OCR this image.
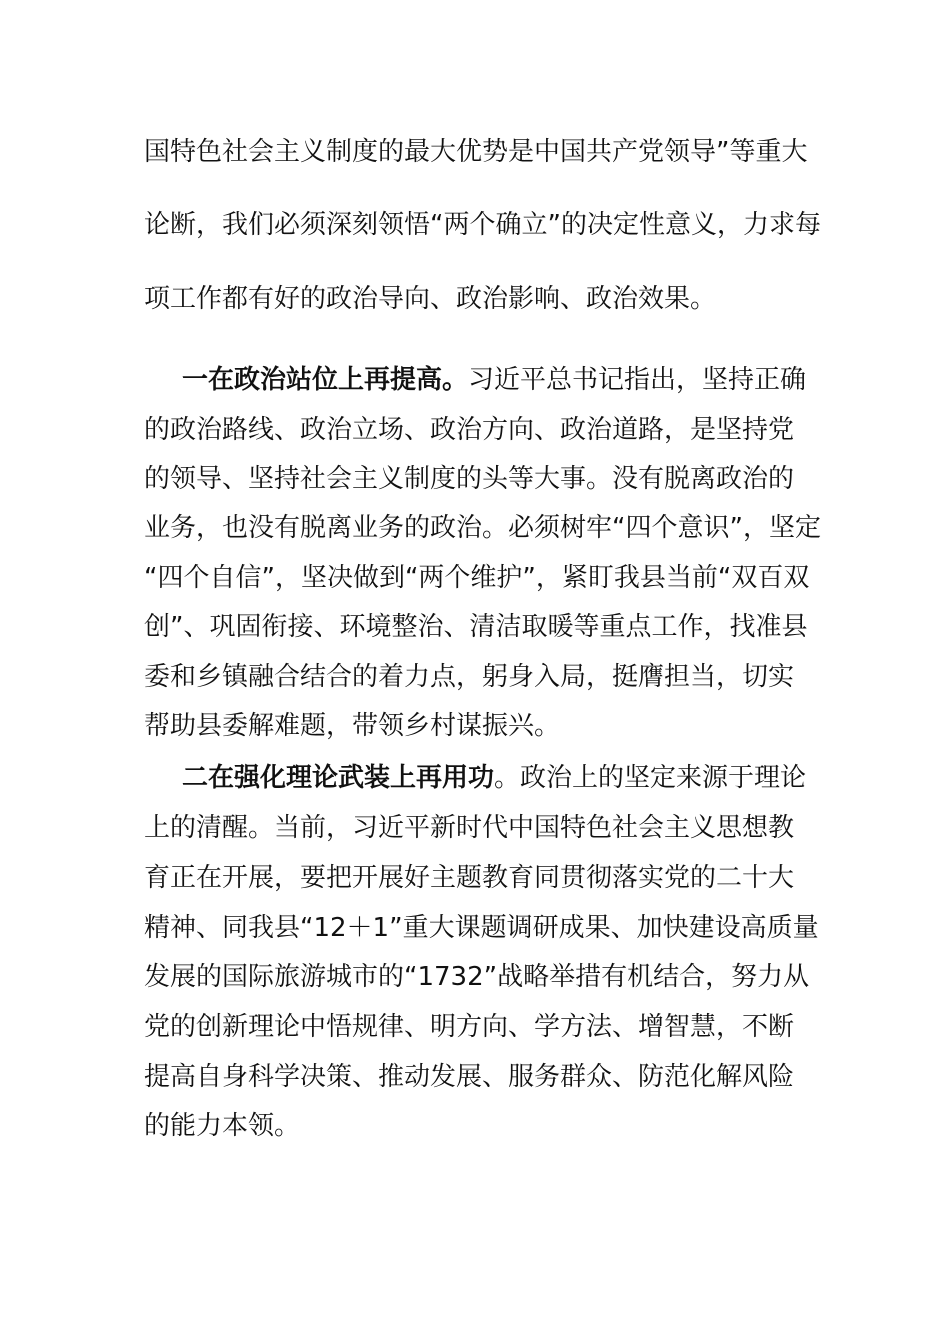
国特色社会主义制度的最大优势是中国共产党领导”等重大

论断，我们必须深刻领悟“两个确立”的决定性意义，力求每

项工作都有好的政治导向、政治影响、政治效果。

一在政治站位上再提高。习近平总书记指出，坚持正确

的政治路线、政治立场、政治方向、政治道路，是坚持党

的领导、坚持社会主义制度的头等大事。没有脱离政治的

业务，也没有脱离业务的政治。必须树牢“四个意识”，坚定

“四个自信”，坚决做到“两个维护”，紧盯我县当前“双百双

创”、巩固衔接、环境整治、清洁取暖等重点工作，找准县

委和乡镇融合结合的着力点，躬身入局，挺膺担当，切实

帮助县委解难题，带领乡村谋振兴。

二在强化理论武装上再用功。政治上的坚定来源于理论

上的清醒。当前，习近平新时代中国特色社会主义思想教

育正在开展，要把开展好主题教育同贯彻落实党的二十大

精神、同我县“12＋1”重大课题调研成果、加快建设高质量

发展的国际旅游城市的“1732”战略举措有机结合，努力从

党的创新理论中悟规律、明方向、学方法、增智慧，不断

提高自身科学决策、推动发展、服务群众、防范化解风险

的能力本领。
